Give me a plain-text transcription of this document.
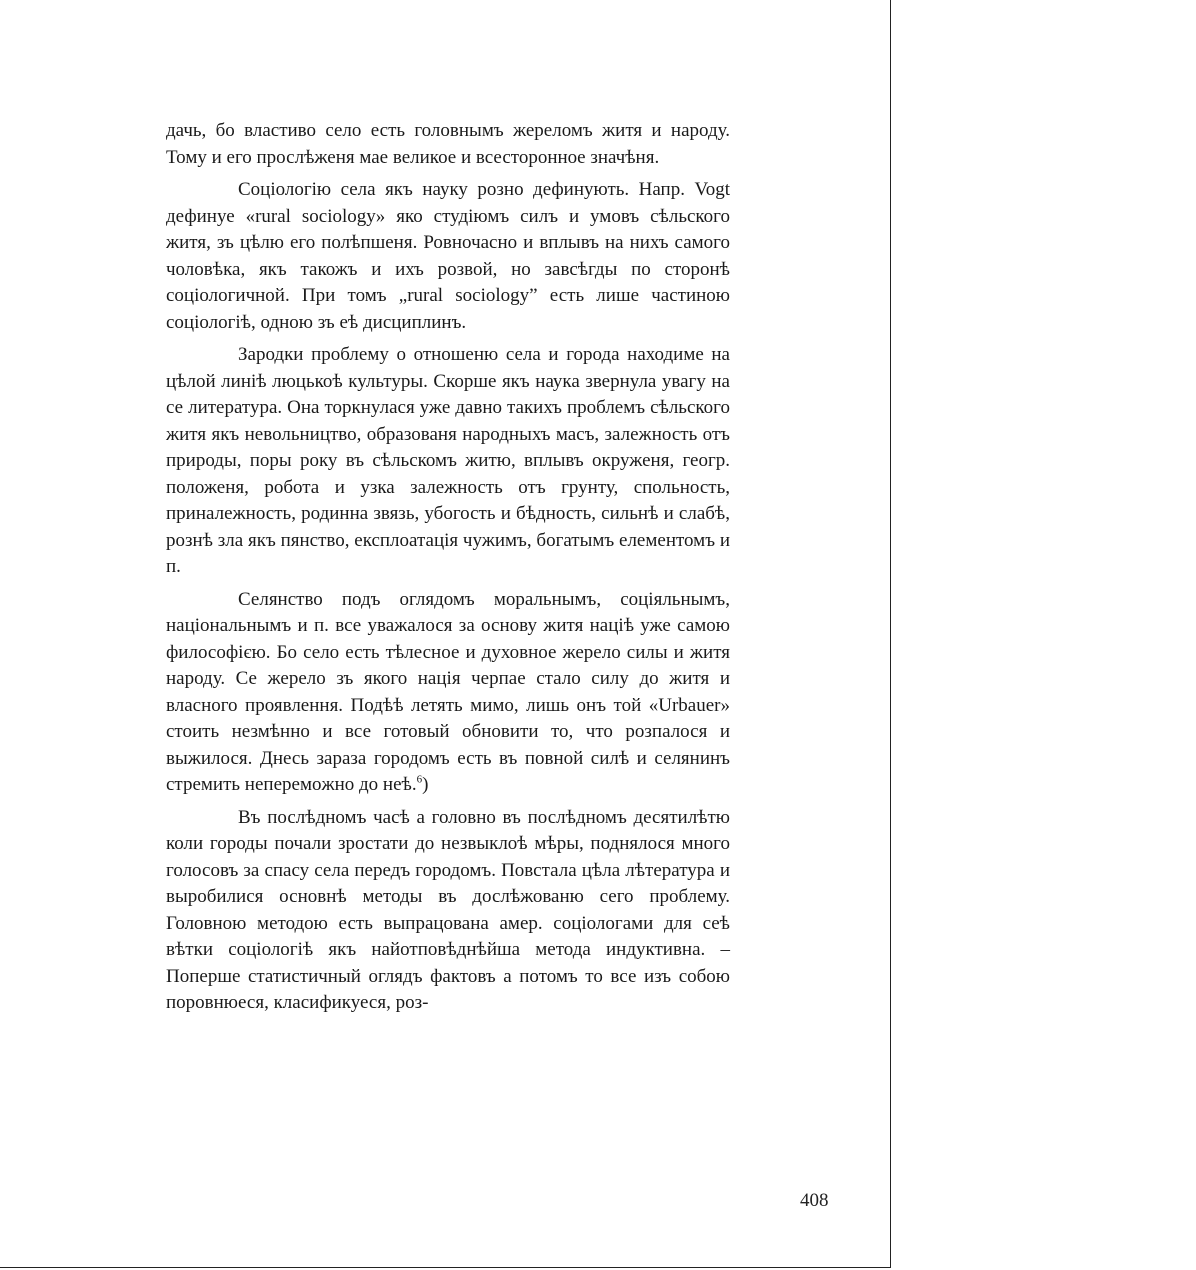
дачь, бо властиво село есть головнымъ жереломъ житя и народу. Тому и его прослѣженя мае великое и всестороннoe значѣня.

Соціологію села якъ науку розно дефинують. Напр. Vogt дефинуе «rural sociology» яко студіюмъ силъ и умовъ сѣльского житя, зъ цѣлю его полѣпшеня. Ровночасно и вплывъ на нихъ самого чоловѣка, якъ такожъ и ихъ розвой, но завсѣгды по сторонѣ соціологичной. При томъ „rural sociology” есть лише частиною соціологіѣ, одною зъ еѣ дисциплинъ.

Зародки проблему о отношеню села и города находиме на цѣлой линіѣ люцькоѣ культуры. Скорше якъ наука звернула увагу на се литература. Она торкнулася уже давно такихъ проблемъ сѣльского житя якъ невольництво, образованя народныхъ масъ, залежность отъ природы, поры року въ сѣльскомъ житю, вплывъ окруженя, геогр. положеня, робота и узка залежность отъ грунту, спольность, приналежность, родинна звязь, убогость и бѣдность, сильнѣ и слабѣ, рознѣ зла якъ пянство, експлоатація чужимъ, богатымъ елементомъ и п.

Селянство подъ оглядомъ моральнымъ, соціяльнымъ, національнымъ и п. все уважалося за основу житя націѣ уже самою философією. Бо село есть тѣлесное и духовное жерело силы и житя народу. Се жерело зъ якого нація черпае стало силу до житя и власного проявлення. Подѣѣ летять мимо, лишь онъ той «Urbauer» стоить незмѣнно и все готовый обновити то, что розпалося и выжилося. Днесь зараза городомъ есть въ повной силѣ и селянинъ стремить неперемoжно до неѣ.$^6$)

Въ послѣдномъ часѣ а головно въ послѣдномъ десятилѣтю коли городы почали зростати до незвыклоѣ мѣры, поднялося много голосовъ за спасу села передъ городомъ. Повстала цѣла лѣтература и выробилися основнѣ методы въ дослѣжованю сего проблему. Головною методою есть выпрацована амер. соціологами для сеѣ вѣтки соціологіѣ якъ найотповѣднѣйша метода индуктивна. – Поперше статистичный оглядъ фактовъ а потомъ то все изъ собою поровнюеся, класификуеся, роз-

408
